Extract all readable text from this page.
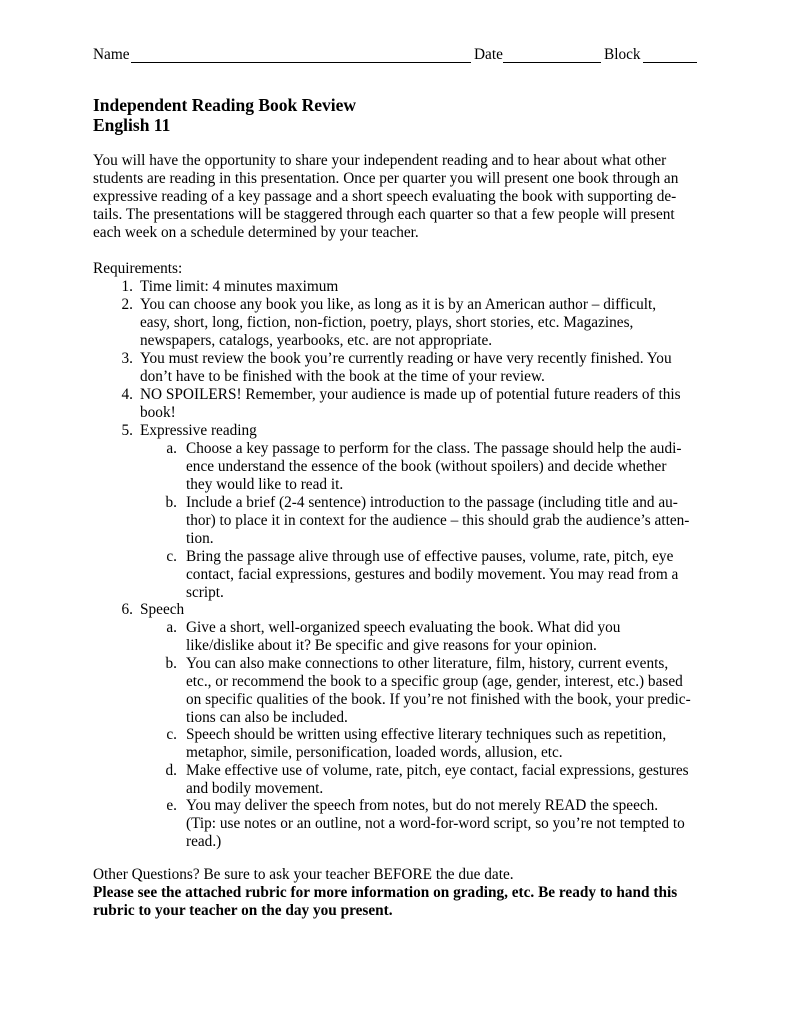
Name	Date	Block
Independent Reading Book Review
English 11
You will have the opportunity to share your independent reading and to hear about what other
students are reading in this presentation. Once per quarter you will present one book through an
expressive reading of a key passage and a short speech evaluating the book with supporting de-
tails. The presentations will be staggered through each quarter so that a few people will present
each week on a schedule determined by your teacher.
Requirements:
1. Time limit: 4 minutes maximum
2. You can choose any book you like, as long as it is by an American author – difficult,
easy, short, long, fiction, non-fiction, poetry, plays, short stories, etc. Magazines,
newspapers, catalogs, yearbooks, etc. are not appropriate.
3. You must review the book you’re currently reading or have very recently finished. You
don’t have to be finished with the book at the time of your review.
4. NO SPOILERS! Remember, your audience is made up of potential future readers of this
book!
5. Expressive reading
a. Choose a key passage to perform for the class. The passage should help the audi-
ence understand the essence of the book (without spoilers) and decide whether
they would like to read it.
b. Include a brief (2-4 sentence) introduction to the passage (including title and au-
thor) to place it in context for the audience – this should grab the audience’s atten-
tion.
c. Bring the passage alive through use of effective pauses, volume, rate, pitch, eye
contact, facial expressions, gestures and bodily movement. You may read from a
script.
6. Speech
a. Give a short, well-organized speech evaluating the book. What did you
like/dislike about it? Be specific and give reasons for your opinion.
b. You can also make connections to other literature, film, history, current events,
etc., or recommend the book to a specific group (age, gender, interest, etc.) based
on specific qualities of the book. If you’re not finished with the book, your predic-
tions can also be included.
c. Speech should be written using effective literary techniques such as repetition,
metaphor, simile, personification, loaded words, allusion, etc.
d. Make effective use of volume, rate, pitch, eye contact, facial expressions, gestures
and bodily movement.
e. You may deliver the speech from notes, but do not merely READ the speech.
(Tip: use notes or an outline, not a word-for-word script, so you’re not tempted to
read.)
Other Questions? Be sure to ask your teacher BEFORE the due date.
Please see the attached rubric for more information on grading, etc. Be ready to hand this
rubric to your teacher on the day you present.
